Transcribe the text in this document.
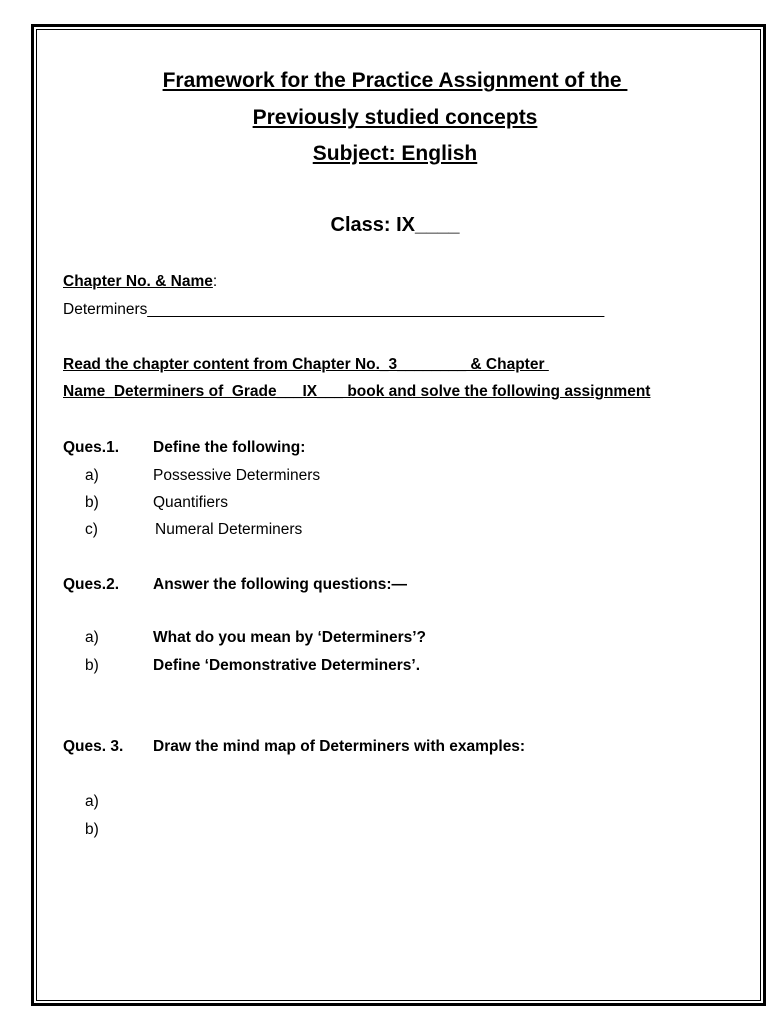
Framework for the Practice Assignment of the
Previously studied concepts
Subject: English
Class: IX____
Chapter No. & Name:
Determiners_____________________________________________________
Read the chapter content from Chapter No._3________ & Chapter
Name_Determiners of  Grade___IX___ book and solve the following assignment
Ques.1. Define the following:
a)	Possessive Determiners
b)	Quantifiers
c)	Numeral Determiners
Ques.2. Answer the following questions:—
a)	What do you mean by ‘Determiners’?
b)	Define ‘Demonstrative Determiners’.
Ques. 3. Draw the mind map of Determiners with examples:
a)
b)
